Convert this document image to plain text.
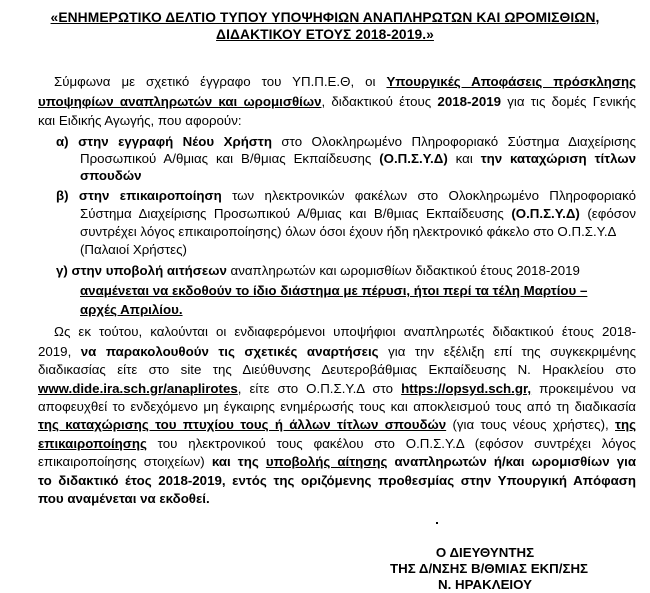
«ΕΝΗΜΕΡΩΤΙΚΟ ΔΕΛΤΙΟ ΤΥΠΟΥ ΥΠΟΨΗΦΙΩΝ ΑΝΑΠΛΗΡΩΤΩΝ ΚΑΙ ΩΡΟΜΙΣΘΙΩΝ,
ΔΙΔΑΚΤΙΚΟΥ ΕΤΟΥΣ 2018-2019.»
Σύμφωνα με σχετικό έγγραφο του ΥΠ.Π.Ε.Θ, οι Υπουργικές Αποφάσεις πρόσκλησης
υποψηφίων αναπληρωτών και ωρομισθίων, διδακτικού έτους 2018-2019 για τις δομές Γενικής
και Ειδικής Αγωγής, που αφορούν:
α) στην εγγραφή Νέου Χρήστη στο Ολοκληρωμένο Πληροφοριακό Σύστημα Διαχείρισης
Προσωπικού Α/θμιας και Β/θμιας Εκπαίδευσης (Ο.Π.Σ.Υ.Δ) και την καταχώριση τίτλων
σπουδών
β) στην επικαιροποίηση των ηλεκτρονικών φακέλων στο Ολοκληρωμένο Πληροφοριακό
Σύστημα Διαχείρισης Προσωπικού Α/θμιας και Β/θμιας Εκπαίδευσης (Ο.Π.Σ.Υ.Δ) (εφόσον
συντρέχει λόγος επικαιροποίησης) όλων όσοι έχουν ήδη ηλεκτρονικό φάκελο στο Ο.Π.Σ.Υ.Δ
(Παλαιοί Χρήστες)
γ) στην υποβολή αιτήσεων αναπληρωτών και ωρομισθίων διδακτικού έτους 2018-2019
αναμένεται να εκδοθούν το ίδιο διάστημα με πέρυσι, ήτοι περί τα τέλη Μαρτίου –
αρχές Απριλίου.
Ως εκ τούτου, καλούνται οι ενδιαφερόμενοι υποψήφιοι αναπληρωτές διδακτικού έτους 2018-
2019, να παρακολουθούν τις σχετικές αναρτήσεις για την εξέλιξη επί της συγκεκριμένης
διαδικασίας είτε στο site της Διεύθυνσης Δευτεροβάθμιας Εκπαίδευσης Ν. Ηρακλείου στο
www.dide.ira.sch.gr/anaplirotes, είτε στο Ο.Π.Σ.Υ.Δ στο https://opsyd.sch.gr, προκειμένου να
αποφευχθεί το ενδεχόμενο μη έγκαιρης ενημέρωσής τους και αποκλεισμού τους από τη διαδικασία
της καταχώρισης του πτυχίου τους ή άλλων τίτλων σπουδών (για τους νέους χρήστες), της
επικαιροποίησης του ηλεκτρονικού τους φακέλου στο Ο.Π.Σ.Υ.Δ (εφόσον συντρέχει λόγος
επικαιροποίησης στοιχείων) και της υποβολής αίτησης αναπληρωτών ή/και ωρομισθίων για
το διδακτικό έτος 2018-2019, εντός της οριζόμενης προθεσμίας στην Υπουργική Απόφαση
που αναμένεται να εκδοθεί.
Ο ΔΙΕΥΘΥΝΤΗΣ
ΤΗΣ Δ/ΝΣΗΣ Β/ΘΜΙΑΣ ΕΚΠ/ΣΗΣ
Ν. ΗΡΑΚΛΕΙΟΥ
